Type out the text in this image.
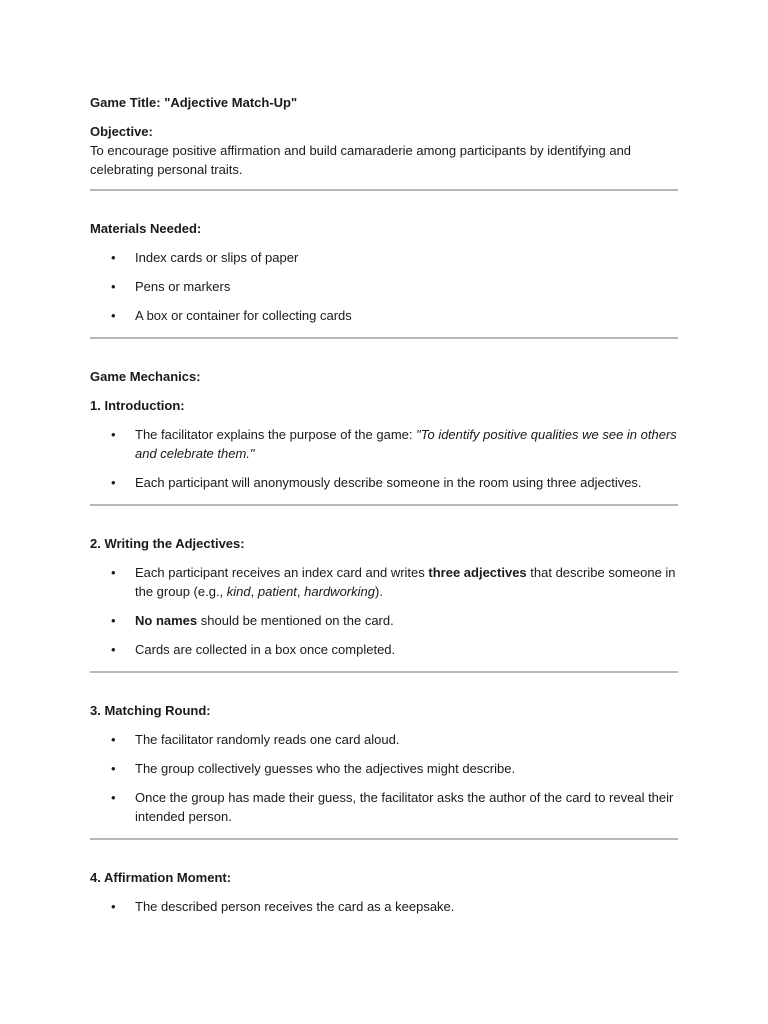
Game Title: "Adjective Match-Up"

Objective:

To encourage positive affirmation and build camaraderie among participants by identifying and celebrating personal traits.

Materials Needed:

• Index cards or slips of paper
• Pens or markers
• A box or container for collecting cards

Game Mechanics:

1. Introduction:

• The facilitator explains the purpose of the game: "To identify positive qualities we see in others and celebrate them."
• Each participant will anonymously describe someone in the room using three adjectives.

2. Writing the Adjectives:

• Each participant receives an index card and writes three adjectives that describe someone in the group (e.g., kind, patient, hardworking).
• No names should be mentioned on the card.
• Cards are collected in a box once completed.

3. Matching Round:

• The facilitator randomly reads one card aloud.
• The group collectively guesses who the adjectives might describe.
• Once the group has made their guess, the facilitator asks the author of the card to reveal their intended person.

4. Affirmation Moment:

• The described person receives the card as a keepsake.
